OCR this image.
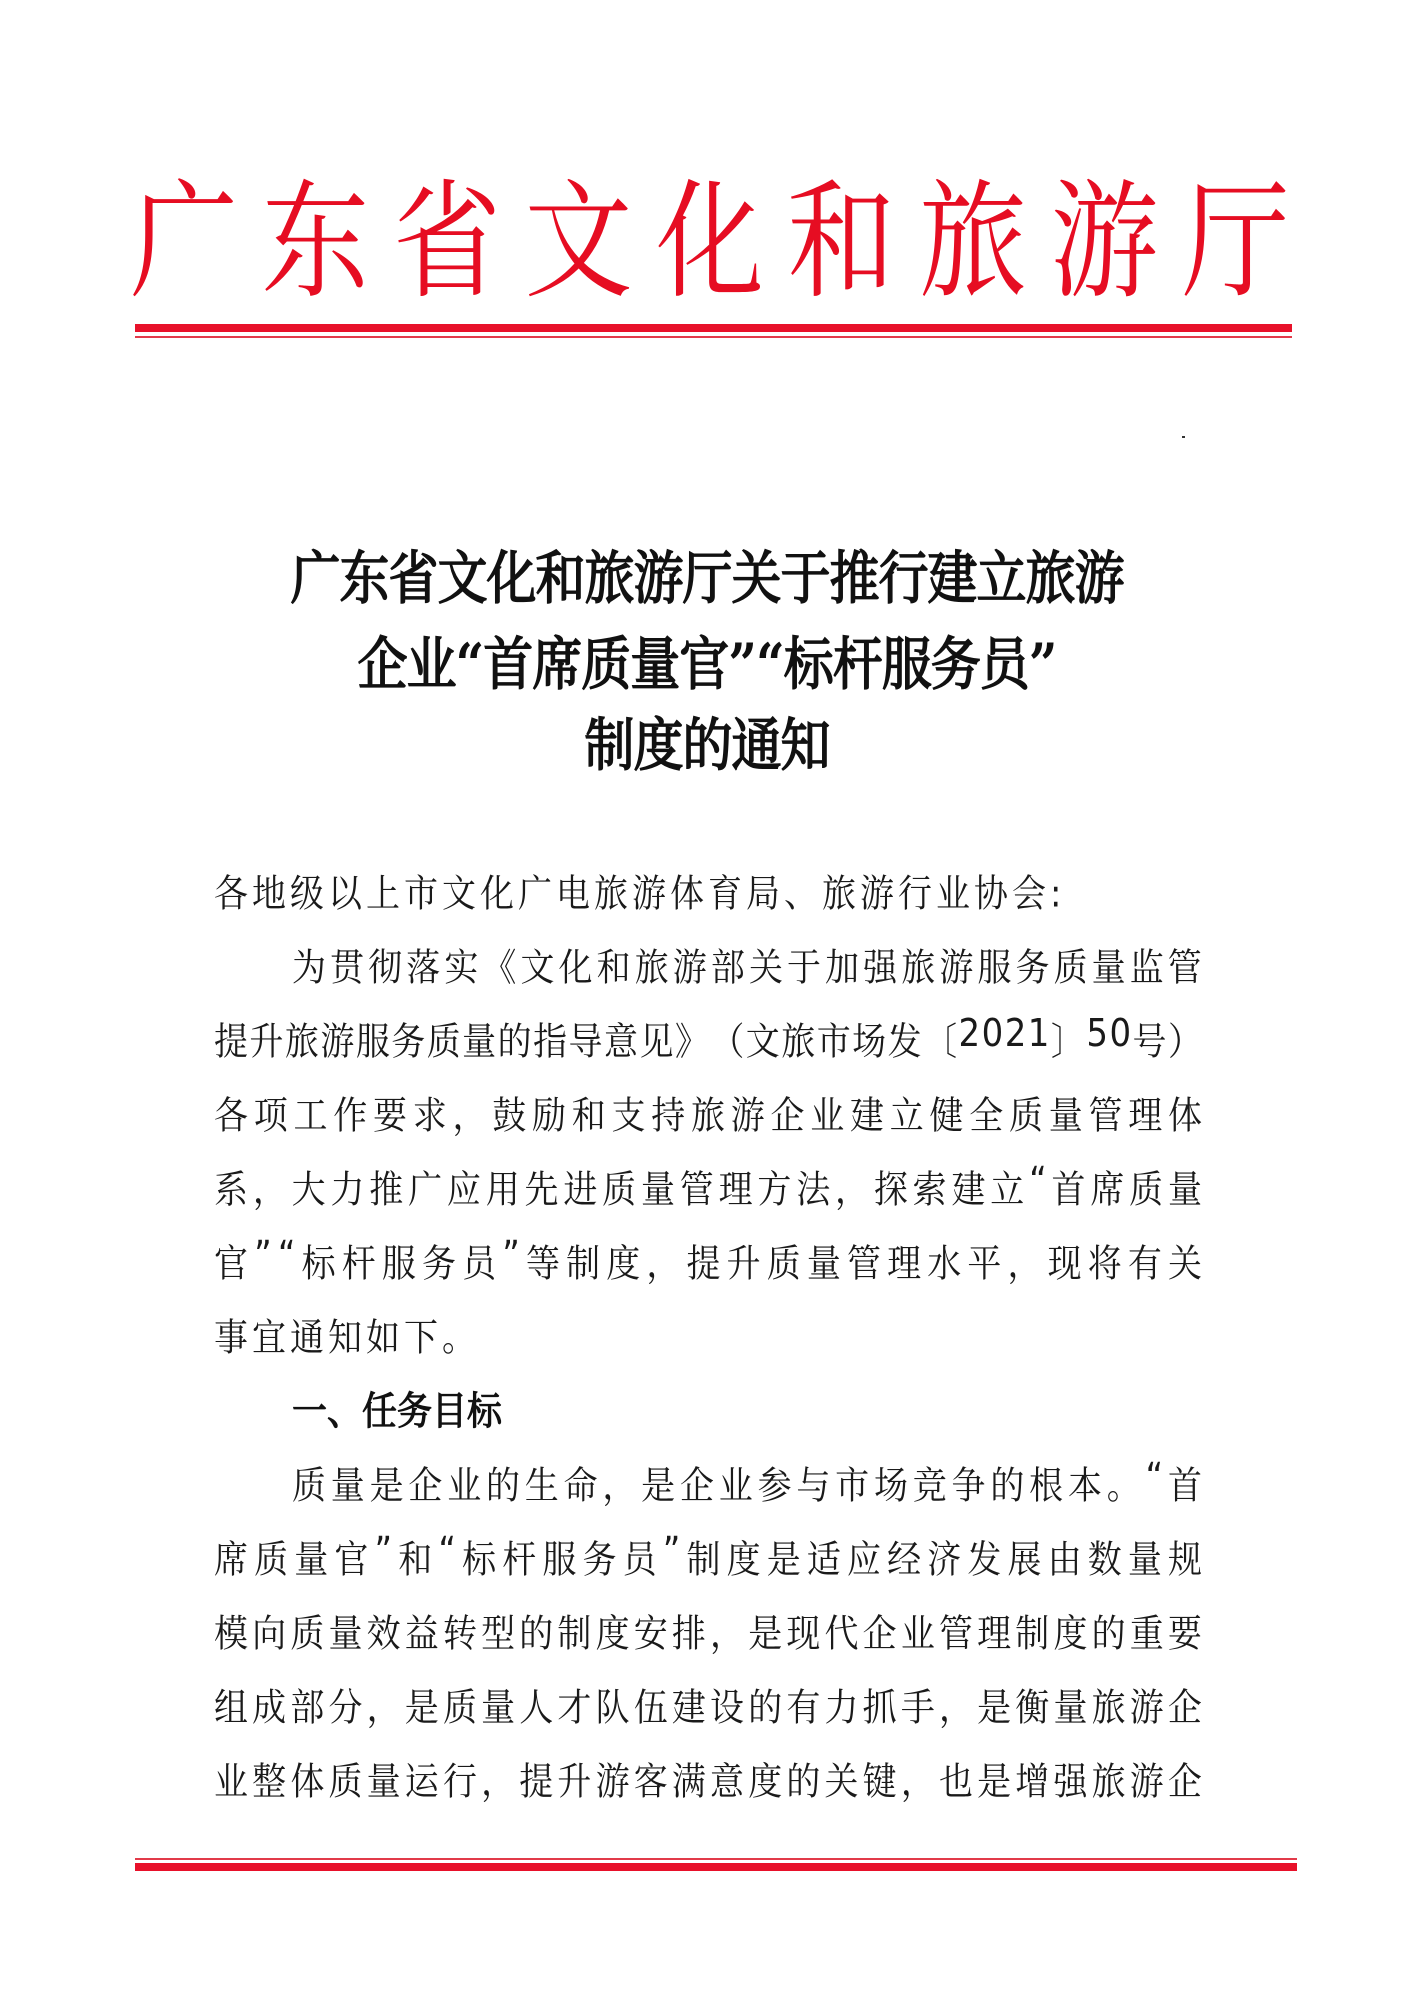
广 东 省 文 化 和 旅 游 厅
广东省文化和旅游厅关于推行建立旅游
企业“首席质量官”“标杆服务员”
制度的通知
各地级以上市文化广电旅游体育局、旅游行业协会:
为 贯 彻 落 实 《 文 化 和 旅 游 部 关 于 加 强 旅 游 服 务 质 量 监 管
提 升 旅 游 服 务 质 量 的 指 导 意 见 》 （ 文 旅 市 场 发 〔 2 0 2 1 〕 5 0 号 ）
各 项 工 作 要 求 ， 鼓 励 和 支 持 旅 游 企 业 建 立 健 全 质 量 管 理 体
系 ， 大 力 推 广 应 用 先 进 质 量 管 理 方 法 ， 探 索 建 立 “ 首 席 质 量
官 ” “ 标 杆 服 务 员 ” 等 制 度 ， 提 升 质 量 管 理 水 平 ， 现 将 有 关
事宜通知如下。
一、任务目标
质 量 是 企 业 的 生 命 ， 是 企 业 参 与 市 场 竞 争 的 根 本 。 “ 首
席 质 量 官 ” 和 “ 标 杆 服 务 员 ” 制 度 是 适 应 经 济 发 展 由 数 量 规
模 向 质 量 效 益 转 型 的 制 度 安 排 ， 是 现 代 企 业 管 理 制 度 的 重 要
组 成 部 分 ， 是 质 量 人 才 队 伍 建 设 的 有 力 抓 手 ， 是 衡 量 旅 游 企
业 整 体 质 量 运 行 ， 提 升 游 客 满 意 度 的 关 键 ， 也 是 增 强 旅 游 企
